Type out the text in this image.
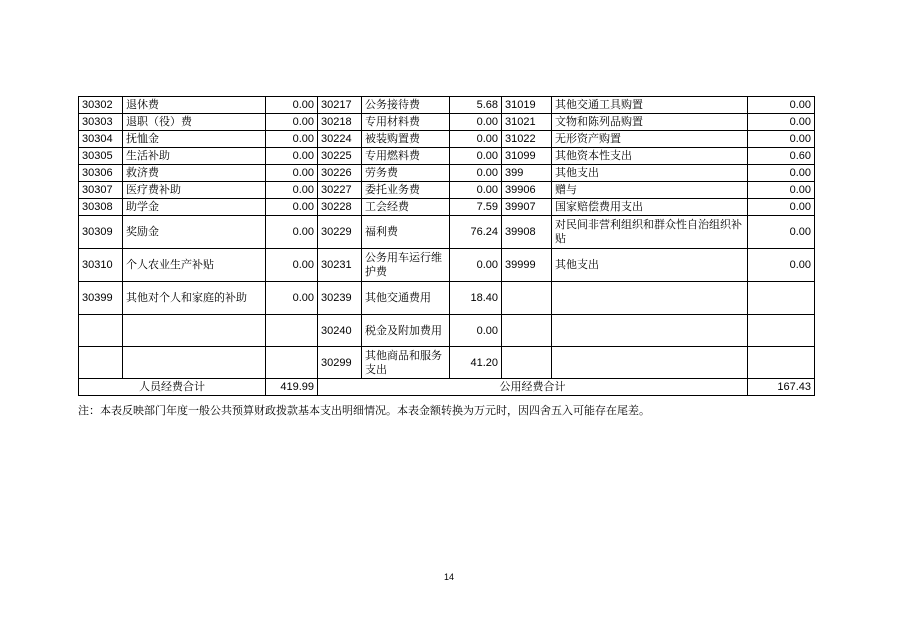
30302	退休费	0.00	30217	公务接待费	5.68	31019	其他交通工具购置	0.00
30303	退职（役）费	0.00	30218	专用材料费	0.00	31021	文物和陈列品购置	0.00
30304	抚恤金	0.00	30224	被装购置费	0.00	31022	无形资产购置	0.00
30305	生活补助	0.00	30225	专用燃料费	0.00	31099	其他资本性支出	0.60
30306	救济费	0.00	30226	劳务费	0.00	399	其他支出	0.00
30307	医疗费补助	0.00	30227	委托业务费	0.00	39906	赠与	0.00
30308	助学金	0.00	30228	工会经费	7.59	39907	国家赔偿费用支出	0.00
30309	奖励金	0.00	30229	福利费	76.24	39908	对民间非营利组织和群众性自治组织补贴	0.00
30310	个人农业生产补贴	0.00	30231	公务用车运行维护费	0.00	39999	其他支出	0.00
30399	其他对个人和家庭的补助	0.00	30239	其他交通费用	18.40			
			30240	税金及附加费用	0.00			
			30299	其他商品和服务支出	41.20			
人员经费合计		419.99	公用经费合计					167.43
注：本表反映部门年度一般公共预算财政拨款基本支出明细情况。本表金额转换为万元时，因四舍五入可能存在尾差。
14
